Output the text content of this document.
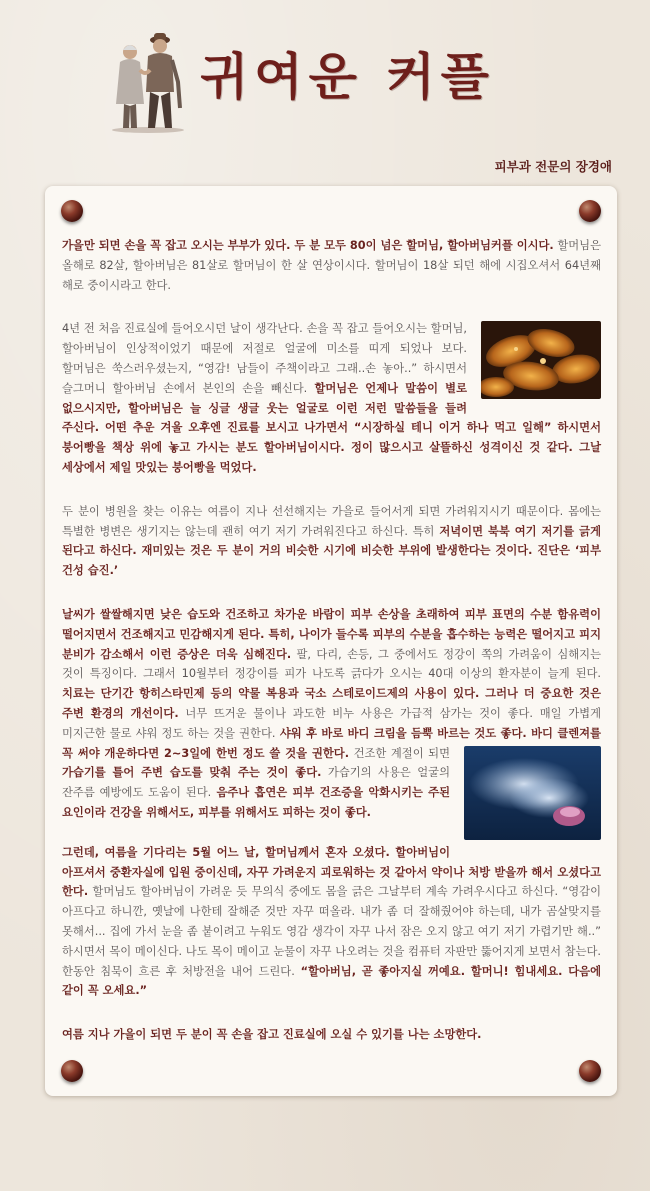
귀여운 커플
피부과 전문의 장경애

가을만 되면 손을 꼭 잡고 오시는 부부가 있다. 두 분 모두 80이 넘은 할머님, 할아버님커플 이시다. 할머님은 올해로 82살, 할아버님은 81살로 할머님이 한 살 연상이시다. 할머님이 18살 되던 해에 시집오셔서 64년째 해로 중이시라고 한다.

4년 전 처음 진료실에 들어오시던 날이 생각난다. 손을 꼭 잡고 들어오시는 할머님, 할아버님이 인상적이었기 때문에 저절로 얼굴에 미소를 띠게 되었나 보다. 할머님은 쑥스러우셨는지, “영감! 남들이 주책이라고 그래..손 놓아..” 하시면서 슬그머니 할아버님 손에서 본인의 손을 빼신다. 할머님은 언제나 말씀이 별로 없으시지만, 할아버님은 늘 싱글 생글 웃는 얼굴로 이런 저런 말씀들을 들려 주신다. 어떤 추운 겨울 오후엔 진료를 보시고 나가면서 “시장하실 테니 이거 하나 먹고 일해” 하시면서 붕어빵을 책상 위에 놓고 가시는 분도 할아버님이시다. 정이 많으시고 살뜰하신 성격이신 것 같다. 그날 세상에서 제일 맛있는 붕어빵을 먹었다.

두 분이 병원을 찾는 이유는 여름이 지나 선선해지는 가을로 들어서게 되면 가려워지시기 때문이다. 몸에는 특별한 병변은 생기지는 않는데 괜히 여기 저기 가려워진다고 하신다. 특히 저녁이면 북북 여기 저기를 긁게 된다고 하신다. 재미있는 것은 두 분이 거의 비슷한 시기에 비슷한 부위에 발생한다는 것이다. 진단은 ‘피부 건성 습진.’

날씨가 쌀쌀해지면 낮은 습도와 건조하고 차가운 바람이 피부 손상을 초래하여 피부 표면의 수분 함유력이 떨어지면서 건조해지고 민감해지게 된다. 특히, 나이가 들수록 피부의 수분을 흡수하는 능력은 떨어지고 피지 분비가 감소해서 이런 증상은 더욱 심해진다. 팔, 다리, 손등, 그 중에서도 정강이 쪽의 가려움이 심해지는 것이 특징이다. 그래서 10월부터 정강이를 피가 나도록 긁다가 오시는 40대 이상의 환자분이 늘게 된다. 치료는 단기간 항히스타민제 등의 약물 복용과 국소 스테로이드제의 사용이 있다. 그러나 더 중요한 것은 주변 환경의 개선이다. 너무 뜨거운 물이나 과도한 비누 사용은 가급적 삼가는 것이 좋다. 매일 가볍게 미지근한 물로 샤워 정도 하는 것을 권한다. 샤워 후 바로 바디 크림을 듬뿍 바르는 것도 좋다. 바디 클렌져를 꼭 써야 개운하다면 2~3일에 한번 정도 쓸 것을 권한다.
건조한 계절이 되면 가습기를 틀어 주변 습도를 맞춰 주는 것이 좋다. 가습기의 사용은 얼굴의 잔주름 예방에도 도움이 된다. 음주나 흡연은 피부 건조증을 악화시키는 주된 요인이라 건강을 위해서도, 피부를 위해서도 피하는 것이 좋다.

그런데, 여름을 기다리는 5월 어느 날, 할머님께서 혼자 오셨다. 할아버님이 아프셔서 중환자실에 입원 중이신데, 자꾸 가려운지 괴로워하는 것 같아서 약이나 처방 받을까 해서 오셨다고 한다. 할머님도 할아버님이 가려운 듯 무의식 중에도 몸을 긁은 그날부터 계속 가려우시다고 하신다. “영감이 아프다고 하니깐, 옛날에 나한테 잘해준 것만 자꾸 떠올라. 내가 좀 더 잘해줬어야 하는데, 내가 곰살맞지를 못해서... 집에 가서 눈을 좀 붙이려고 누워도 영감 생각이 자꾸 나서 잠은 오지 않고 여기 저기 가렵기만 해..” 하시면서 목이 메이신다. 나도 목이 메이고 눈물이 자꾸 나오려는 것을 컴퓨터 자판만 뚫어지게 보면서 참는다. 한동안 침묵이 흐른 후 처방전을 내어 드린다. “할아버님, 곧 좋아지실 꺼예요. 할머니! 힘내세요. 다음에 같이 꼭 오세요.”

여름 지나 가을이 되면 두 분이 꼭 손을 잡고 진료실에 오실 수 있기를 나는 소망한다.
